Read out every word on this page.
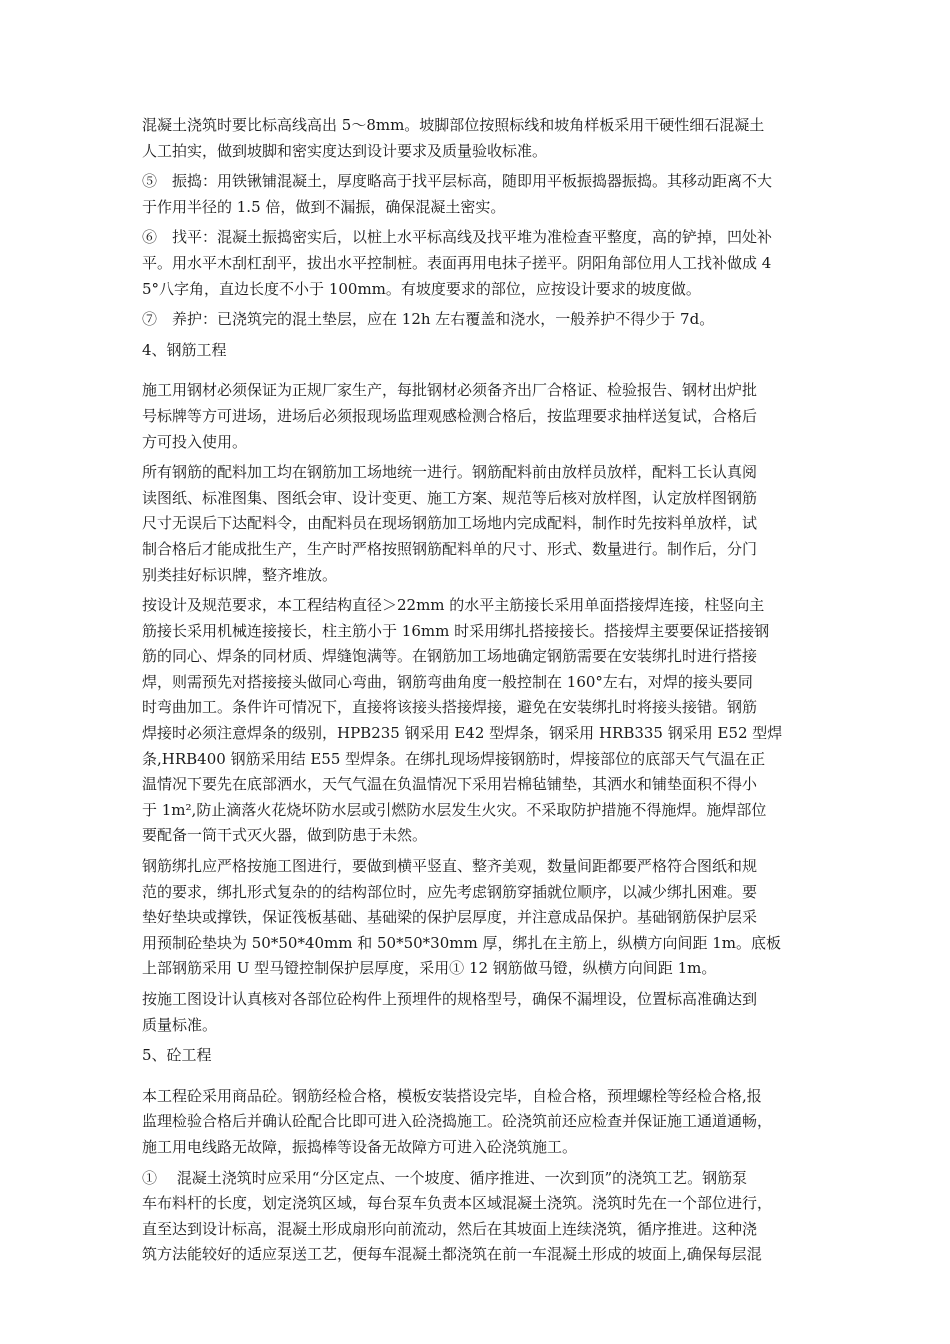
混凝土浇筑时要比标高线高出 5～8mm。坡脚部位按照标线和坡角样板采用干硬性细石混凝土
人工拍实，做到坡脚和密实度达到设计要求及质量验收标准。
⑤　振捣：用铁锹铺混凝土，厚度略高于找平层标高，随即用平板振捣器振捣。其移动距离不大
于作用半径的 1.5 倍，做到不漏振，确保混凝土密实。
⑥　找平：混凝土振捣密实后，以桩上水平标高线及找平堆为准检查平整度，高的铲掉，凹处补
平。用水平木刮杠刮平，拔出水平控制桩。表面再用电抹子搓平。阴阳角部位用人工找补做成 4
5°八字角，直边长度不小于 100mm。有坡度要求的部位，应按设计要求的坡度做。
⑦　养护：已浇筑完的混土垫层，应在 12h 左右覆盖和浇水，一般养护不得少于 7d。
4、钢筋工程
施工用钢材必须保证为正规厂家生产，每批钢材必须备齐出厂合格证、检验报告、钢材出炉批
号标牌等方可进场，进场后必须报现场监理观感检测合格后，按监理要求抽样送复试，合格后
方可投入使用。
所有钢筋的配料加工均在钢筋加工场地统一进行。钢筋配料前由放样员放样，配料工长认真阅
读图纸、标准图集、图纸会审、设计变更、施工方案、规范等后核对放样图，认定放样图钢筋
尺寸无误后下达配料令，由配料员在现场钢筋加工场地内完成配料，制作时先按料单放样，试
制合格后才能成批生产，生产时严格按照钢筋配料单的尺寸、形式、数量进行。制作后，分门
别类挂好标识牌，整齐堆放。
按设计及规范要求，本工程结构直径＞22mm 的水平主筋接长采用单面搭接焊连接，柱竖向主
筋接长采用机械连接接长，柱主筋小于 16mm 时采用绑扎搭接接长。搭接焊主要要保证搭接钢
筋的同心、焊条的同材质、焊缝饱满等。在钢筋加工场地确定钢筋需要在安装绑扎时进行搭接
焊，则需预先对搭接接头做同心弯曲，钢筋弯曲角度一般控制在 160°左右，对焊的接头要同
时弯曲加工。条件许可情况下，直接将该接头搭接焊接，避免在安装绑扎时将接头接错。钢筋
焊接时必须注意焊条的级别，HPB235 钢采用 E42 型焊条，钢采用 HRB335 钢采用 E52 型焊
条,HRB400 钢筋采用结 E55 型焊条。在绑扎现场焊接钢筋时，焊接部位的底部天气气温在正
温情况下要先在底部洒水，天气气温在负温情况下采用岩棉毡铺垫，其洒水和铺垫面积不得小
于 1m²,防止滴落火花烧坏防水层或引燃防水层发生火灾。不采取防护措施不得施焊。施焊部位
要配备一筒干式灭火器，做到防患于未然。
钢筋绑扎应严格按施工图进行，要做到横平竖直、整齐美观，数量间距都要严格符合图纸和规
范的要求，绑扎形式复杂的的结构部位时，应先考虑钢筋穿插就位顺序，以减少绑扎困难。要
垫好垫块或撑铁，保证筏板基础、基础梁的保护层厚度，并注意成品保护。基础钢筋保护层采
用预制砼垫块为 50*50*40mm 和 50*50*30mm 厚，绑扎在主筋上，纵横方向间距 1m。底板
上部钢筋采用 U 型马镫控制保护层厚度，采用① 12 钢筋做马镫，纵横方向间距 1m。
按施工图设计认真核对各部位砼构件上预埋件的规格型号，确保不漏埋设，位置标高准确达到
质量标准。
5、砼工程
本工程砼采用商品砼。钢筋经检合格，模板安装搭设完毕，自检合格，预埋螺栓等经检合格,报
监理检验合格后并确认砼配合比即可进入砼浇捣施工。砼浇筑前还应检查并保证施工通道通畅，
施工用电线路无故障，振捣棒等设备无故障方可进入砼浇筑施工。
①　 混凝土浇筑时应采用“分区定点、一个坡度、循序推进、一次到顶”的浇筑工艺。钢筋泵
车布料杆的长度，划定浇筑区域，每台泵车负责本区域混凝土浇筑。浇筑时先在一个部位进行，
直至达到设计标高，混凝土形成扇形向前流动，然后在其坡面上连续浇筑，循序推进。这种浇
筑方法能较好的适应泵送工艺，便每车混凝土都浇筑在前一车混凝土形成的坡面上,确保每层混
